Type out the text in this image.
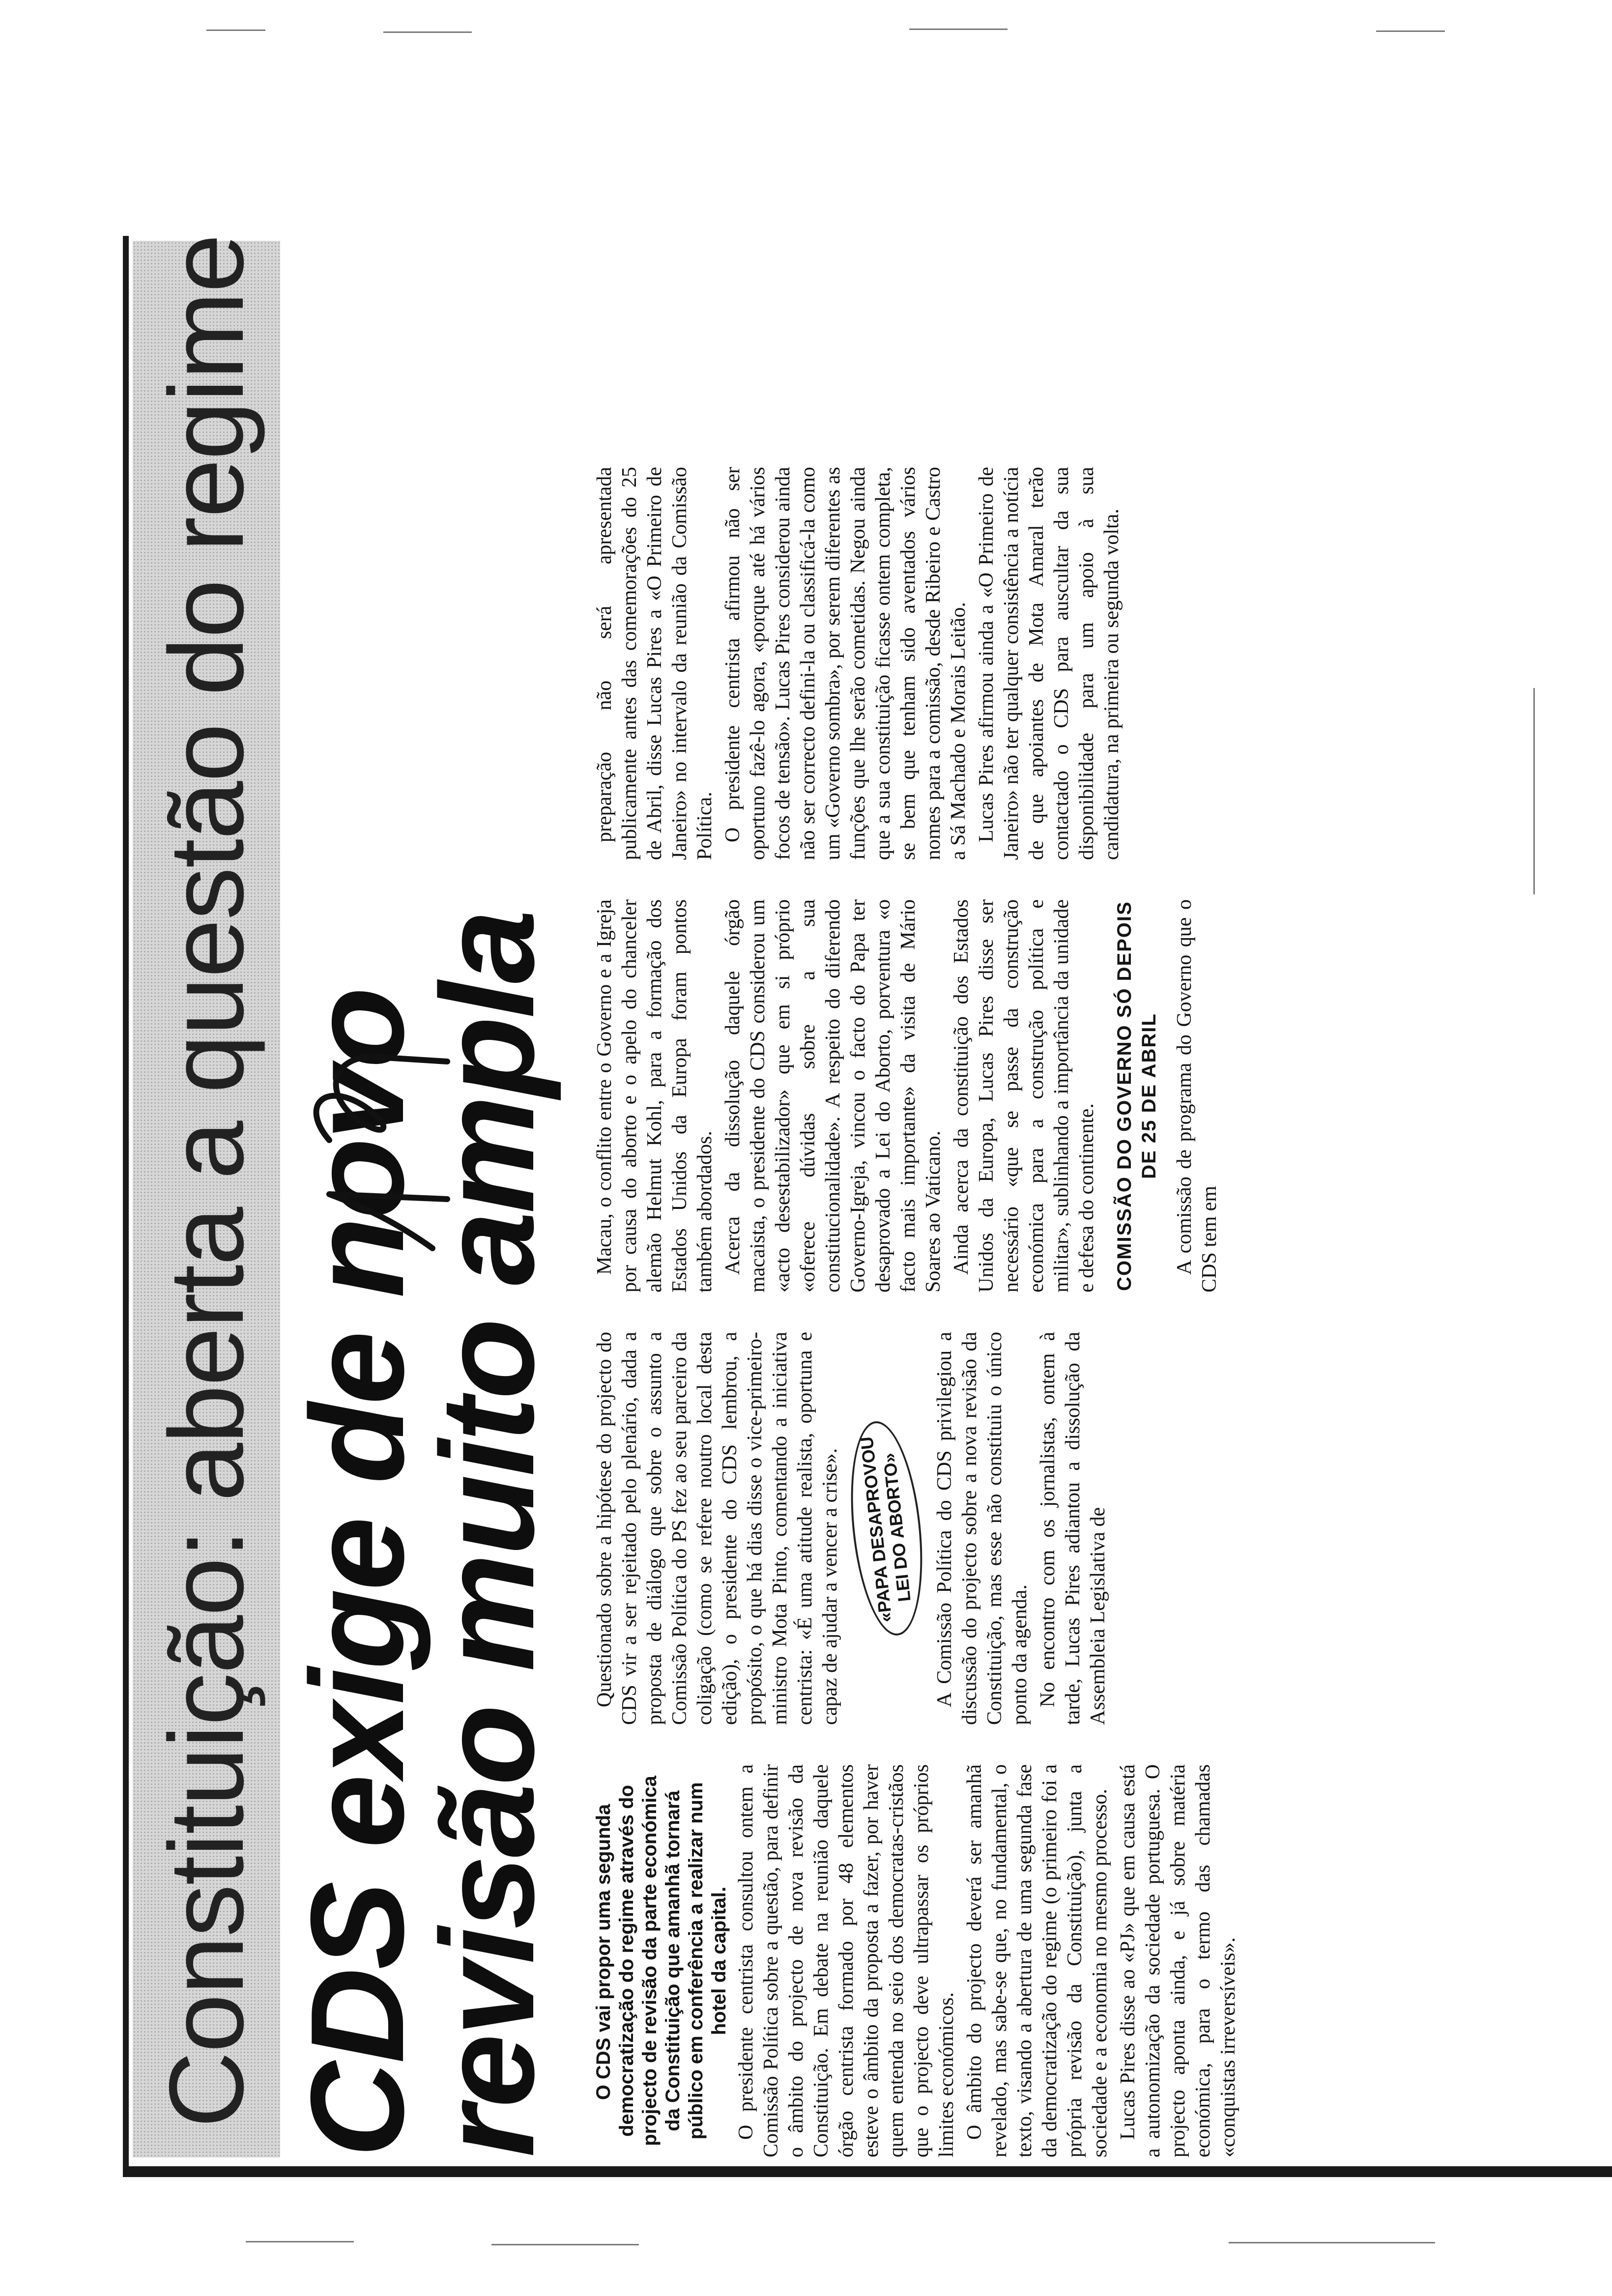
Constituição: aberta a questão do regime CDS exige de novo
revisão muito ampla O CDS vai propor uma segunda democratização do regime através do projecto de revisão da parte económica da Constituição que amanhã tornará público em conferência a realizar num hotel da capital. O presidente centrista consultou ontem a Comissão Política sobre a questão, para definir o âmbito do projecto de nova revisão da Constituição. Em debate na reunião daquele órgão centrista formado por 48 elementos esteve o âmbito da proposta a fazer, por haver quem entenda no seio dos democratas-cristãos que o projecto deve ultrapassar os próprios limites económicos. O âmbito do projecto deverá ser amanhã revelado, mas sabe-se que, no fundamental, o texto, visando a abertura de uma segunda fase da democratização do regime (o primeiro foi a própria revisão da Constituição), junta a sociedade e a economia no mesmo processo. Lucas Pires disse ao «PJ» que em causa está a autonomização da sociedade portuguesa. O projecto aponta ainda, e já sobre matéria económica, para o termo das chamadas «conquistas irreversíveis».

Questionado sobre a hipótese do projecto do CDS vir a ser rejeitado pelo plenário, dada a proposta de diálogo que sobre o assunto a Comissão Política do PS fez ao seu parceiro da coligação (como se refere noutro local desta edição), o presidente do CDS lembrou, a propósito, o que há dias disse o vice-primeiro-ministro Mota Pinto, comentando a iniciativa centrista: «É uma atitude realista, oportuna e capaz de ajudar a vencer a crise». «PAPA DESAPROVOU LEI DO ABORTO» A Comissão Política do CDS privilegiou a discussão do projecto sobre a nova revisão da Constituição, mas esse não constituiu o único ponto da agenda. No encontro com os jornalistas, ontem à tarde, Lucas Pires adiantou a dissolução da Assembleia Legislativa de

Macau, o conflito entre o Governo e a Igreja por causa do aborto e o apelo do chanceler alemão Helmut Kohl, para a formação dos Estados Unidos da Europa foram pontos também abordados. Acerca da dissolução daquele órgão macaista, o presidente do CDS considerou um «acto desestabilizador» que em si próprio «oferece dúvidas sobre a sua constitucionalidade». A respeito do diferendo Governo-Igreja, vincou o facto do Papa ter desaprovado a Lei do Aborto, porventura «o facto mais importante» da visita de Mário Soares ao Vaticano. Ainda acerca da constituição dos Estados Unidos da Europa, Lucas Pires disse ser necessário «que se passe da construção económica para a construção política e militar», sublinhando a importância da unidade e defesa do continente. COMISSÃO DO GOVERNO SÓ DEPOIS DE 25 DE ABRIL A comissão de programa do Governo que o CDS tem em

preparação não será apresentada publicamente antes das comemorações do 25 de Abril, disse Lucas Pires a «O Primeiro de Janeiro» no intervalo da reunião da Comissão Política. O presidente centrista afirmou não ser oportuno fazê-lo agora, «porque até há vários focos de tensão». Lucas Pires considerou ainda não ser correcto defini-la ou classificá-la como um «Governo sombra», por serem diferentes as funções que lhe serão cometidas. Negou ainda que a sua constituição ficasse ontem completa, se bem que tenham sido aventados vários nomes para a comissão, desde Ribeiro e Castro a Sá Machado e Morais Leitão. Lucas Pires afirmou ainda a «O Primeiro de Janeiro» não ter qualquer consistência a notícia de que apoiantes de Mota Amaral terão contactado o CDS para auscultar da sua disponibilidade para um apoio à sua candidatura, na primeira ou segunda volta.
